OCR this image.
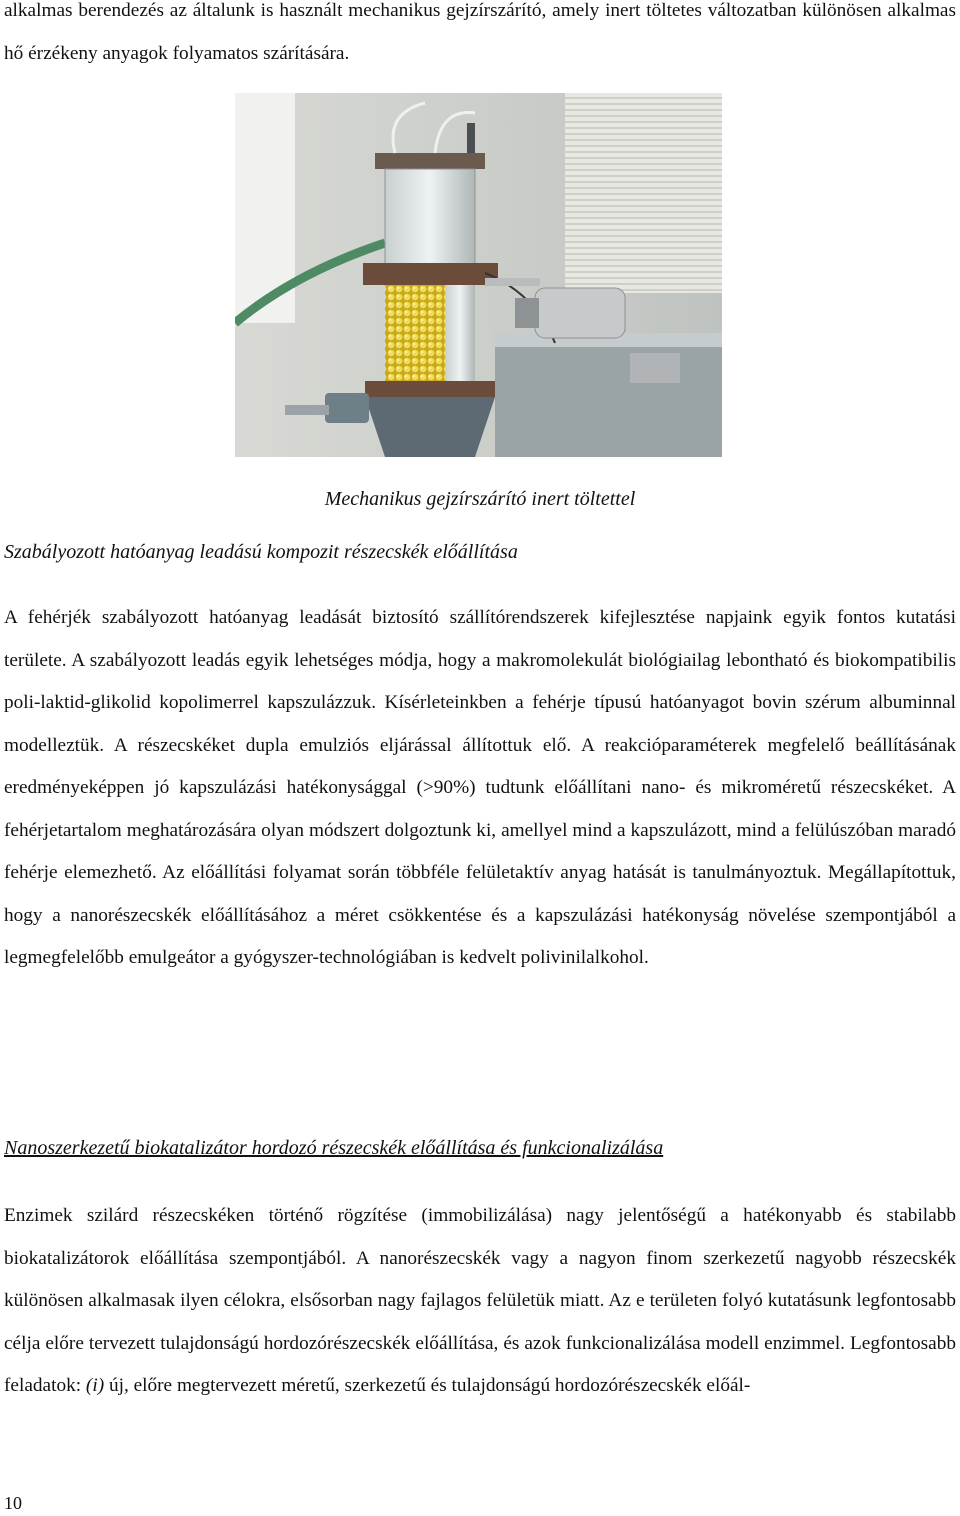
alkalmas berendezés az általunk is használt mechanikus gejzírszárító, amely inert töltetes változatban különösen alkalmas hő érzékeny anyagok folyamatos szárítására.

Mechanikus gejzírszárító inert töltettel
Szabályozott hatóanyag leadású kompozit részecskék előállítása

A fehérjék szabályozott hatóanyag leadását biztosító szállítórendszerek kifejlesztése napjaink egyik fontos kutatási területe. A szabályozott leadás egyik lehetséges módja, hogy a makromolekulát biológiailag lebontható és biokompatibilis poli-laktid-glikolid kopolimerrel kapszulázzuk. Kísérleteinkben a fehérje típusú hatóanyagot bovin szérum albuminnal modelleztük. A részecskéket dupla emulziós eljárással állítottuk elő. A reakcióparaméterek megfelelő beállításának eredményeképpen jó kapszulázási hatékonysággal (>90%) tudtunk előállítani nano- és mikroméretű részecskéket. A fehérjetartalom meghatározására olyan módszert dolgoztunk ki, amellyel mind a kapszulázott, mind a felülúszóban maradó fehérje elemezhető. Az előállítási folyamat során többféle felületaktív anyag hatását is tanulmányoztuk. Megállapítottuk, hogy a nanorészecskék előállításához a méret csökkentése és a kapszulázási hatékonyság növelése szempontjából a legmegfelelőbb emulgeátor a gyógyszer-technológiában is kedvelt polivinilalkohol.

Nanoszerkezetű biokatalizátor hordozó részecskék előállítása és funkcionalizálása

Enzimek szilárd részecskéken történő rögzítése (immobilizálása) nagy jelentőségű a hatékonyabb és stabilabb biokatalizátorok előállítása szempontjából. A nanorészecskék vagy a nagyon finom szerkezetű nagyobb részecskék különösen alkalmasak ilyen célokra, elsősorban nagy fajlagos felületük miatt. Az e területen folyó kutatásunk legfontosabb célja előre tervezett tulajdonságú hordozórészecskék előállítása, és azok funkcionalizálása modell enzimmel. Legfontosabb feladatok: (i) új, előre megtervezett méretű, szerkezetű és tulajdonságú hordozórészecskék előál-

10
